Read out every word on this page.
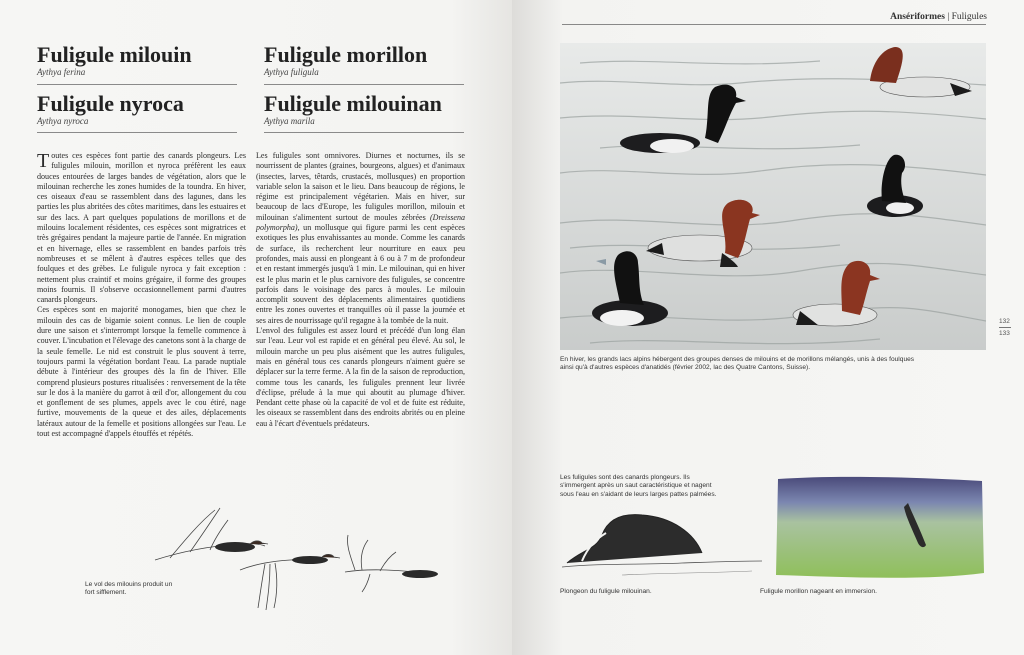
Fuligule milouin
Aythya ferina
Fuligule morillon
Aythya fuligula
Fuligule nyroca
Aythya nyroca
Fuligule milouinan
Aythya marila

Toutes ces espèces font partie des canards plongeurs. Les fuligules milouin, morillon et nyroca préfèrent les eaux douces entourées de larges bandes de végétation, alors que le milouinan recherche les zones humides de la toundra. En hiver, ces oiseaux d'eau se rassemblent dans des lagunes, dans les parties les plus abritées des côtes maritimes, dans les estuaires et sur des lacs. A part quelques populations de morillons et de milouins localement résidentes, ces espèces sont migratrices et très grégaires pendant la majeure partie de l'année. En migration et en hivernage, elles se rassemblent en bandes parfois très nombreuses et se mêlent à d'autres espèces telles que des foulques et des grèbes. Le fuligule nyroca y fait exception : nettement plus craintif et moins grégaire, il forme des groupes moins fournis. Il s'observe occasionnellement parmi d'autres canards plongeurs.

Ces espèces sont en majorité monogames, bien que chez le milouin des cas de bigamie soient connus. Le lien de couple dure une saison et s'interrompt lorsque la femelle commence à couver. L'incubation et l'élevage des canetons sont à la charge de la seule femelle. Le nid est construit le plus souvent à terre, toujours parmi la végétation bordant l'eau. La parade nuptiale débute à l'intérieur des groupes dès la fin de l'hiver. Elle comprend plusieurs postures ritualisées : renversement de la tête sur le dos à la manière du garrot à œil d'or, allongement du cou et gonflement de ses plumes, appels avec le cou étiré, nage furtive, mouvements de la queue et des ailes, déplacements latéraux autour de la femelle et positions allongées sur l'eau. Le tout est accompagné d'appels étouffés et répétés.

Les fuligules sont omnivores. Diurnes et nocturnes, ils se nourrissent de plantes (graines, bourgeons, algues) et d'animaux (insectes, larves, têtards, crustacés, mollusques) en proportion variable selon la saison et le lieu. Dans beaucoup de régions, le régime est principalement végétarien. Mais en hiver, sur beaucoup de lacs d'Europe, les fuligules morillon, milouin et milouinan s'alimentent surtout de moules zébrées (Dreissena polymorpha), un mollusque qui figure parmi les cent espèces exotiques les plus envahissantes au monde. Comme les canards de surface, ils recherchent leur nourriture en eaux peu profondes, mais aussi en plongeant à 6 ou à 7 m de profondeur et en restant immergés jusqu'à 1 min. Le milouinan, qui en hiver est le plus marin et le plus carnivore des fuligules, se concentre parfois dans le voisinage des parcs à moules. Le milouin accomplit souvent des déplacements alimentaires quotidiens entre les zones ouvertes et tranquilles où il passe la journée et ses aires de nourrissage qu'il regagne à la tombée de la nuit.

L'envol des fuligules est assez lourd et précédé d'un long élan sur l'eau. Leur vol est rapide et en général peu élevé. Au sol, le milouin marche un peu plus aisément que les autres fuligules, mais en général tous ces canards plongeurs n'aiment guère se déplacer sur la terre ferme. A la fin de la saison de reproduction, comme tous les canards, les fuligules prennent leur livrée d'éclipse, prélude à la mue qui aboutit au plumage d'hiver. Pendant cette phase où la capacité de vol et de fuite est réduite, les oiseaux se rassemblent dans des endroits abrités ou en pleine eau à l'écart d'éventuels prédateurs.

Le vol des milouins produit un fort sifflement.
Ansériformes | Fuligules
132
133
En hiver, les grands lacs alpins hébergent des groupes denses de milouins et de morillons mélangés, unis à des foulques ainsi qu'à d'autres espèces d'anatidés (février 2002, lac des Quatre Cantons, Suisse).
Les fuligules sont des canards plongeurs. Ils s'immergent après un saut caractéristique et nagent sous l'eau en s'aidant de leurs larges pattes palmées.
Plongeon du fuligule milouinan.	Fuligule morillon nageant en immersion.
